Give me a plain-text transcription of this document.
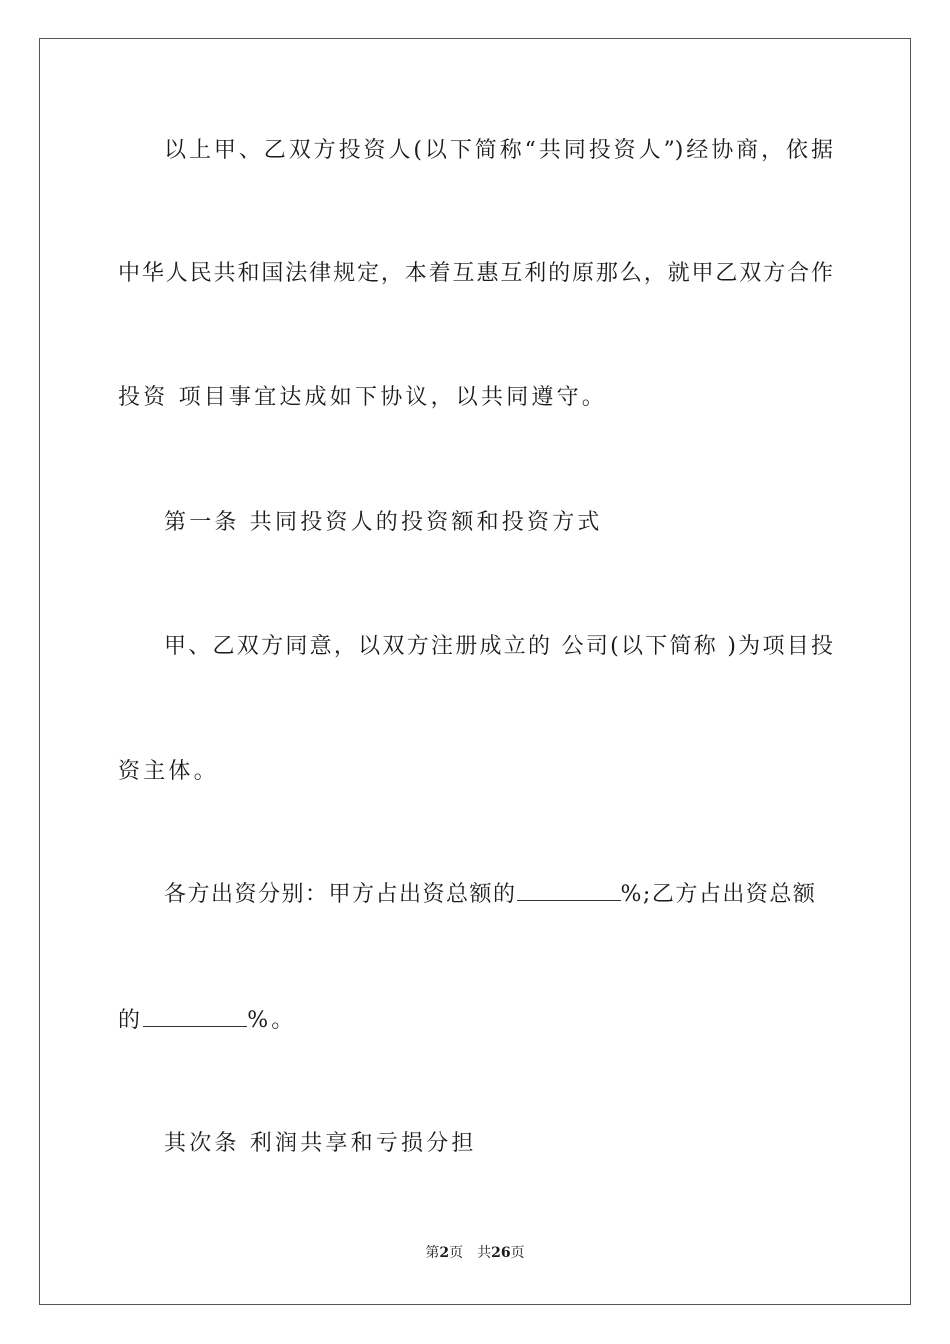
以上甲、乙双方投资人(以下简称“共同投资人”)经协商，依据
中华人民共和国法律规定，本着互惠互利的原那么，就甲乙双方合作
投资 项目事宜达成如下协议，以共同遵守。
第一条 共同投资人的投资额和投资方式
甲、乙双方同意，以双方注册成立的 公司(以下简称 )为项目投
资主体。
各方出资分别：甲方占出资总额的	%;乙方占出资总额
的	%。
其次条 利润共享和亏损分担
第2页 共26页
